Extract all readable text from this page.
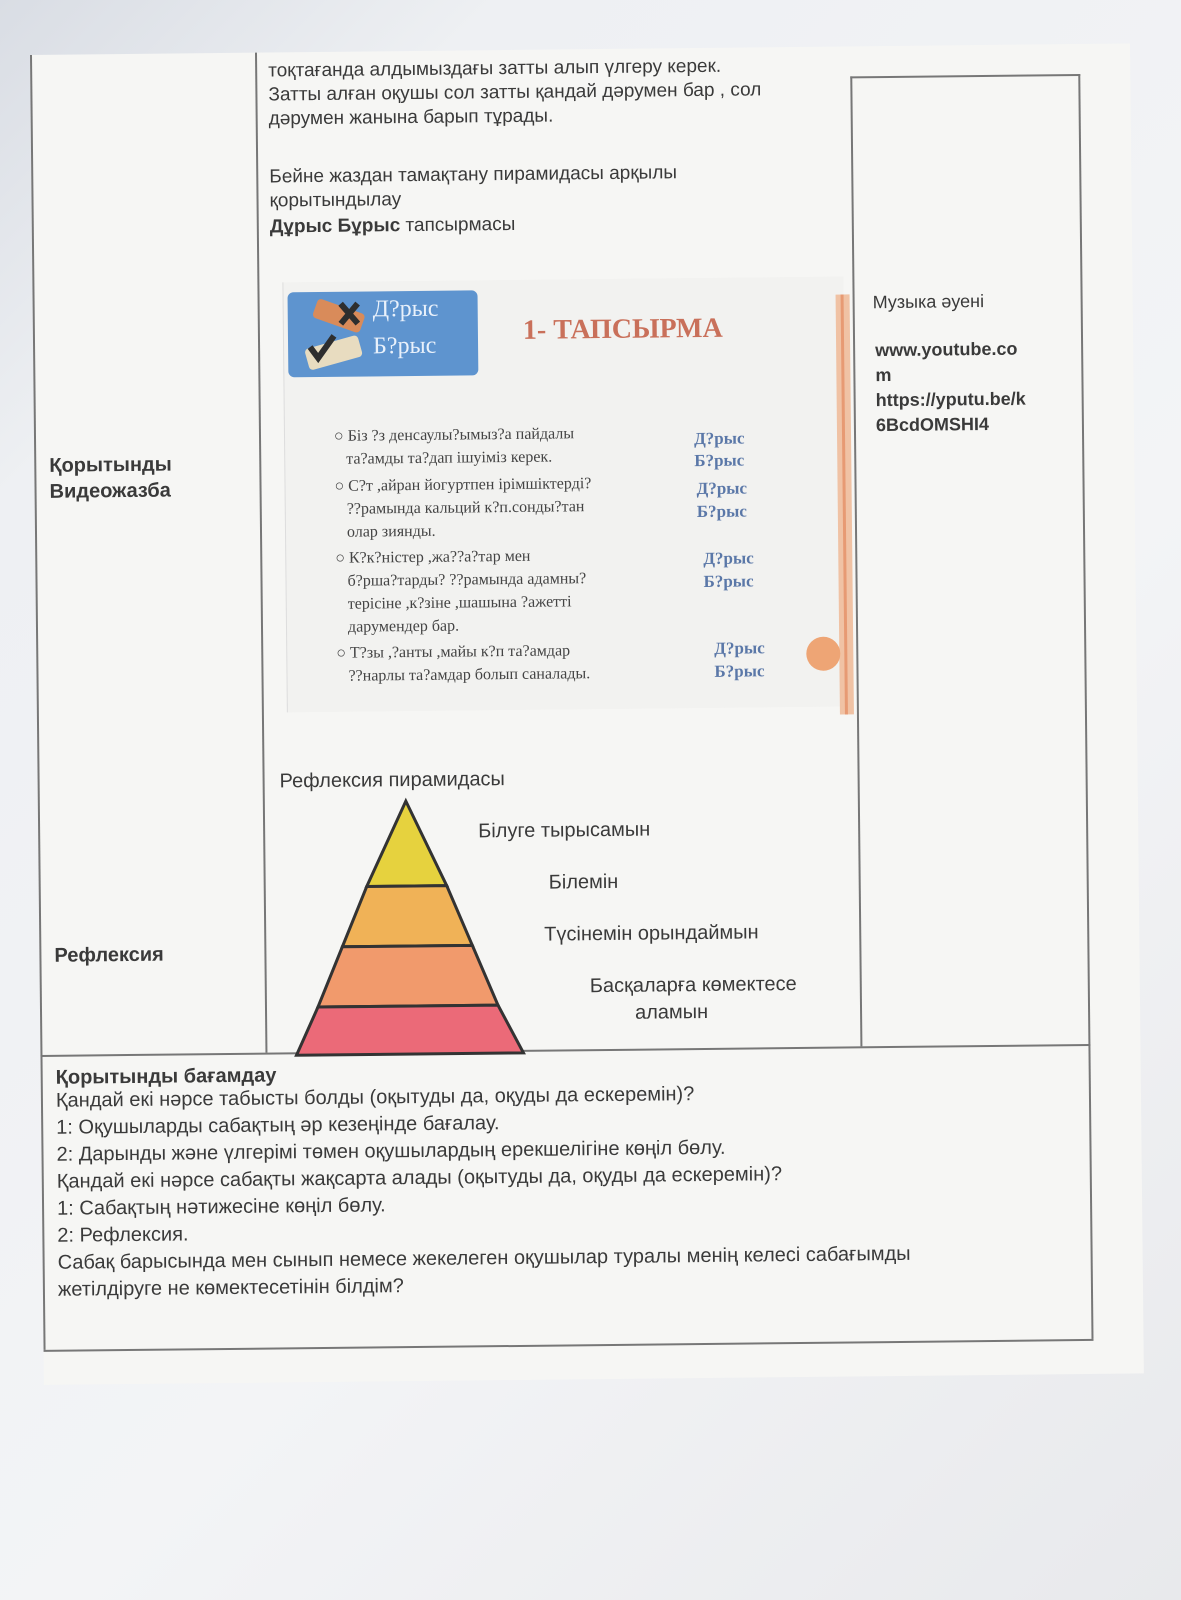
тоқтағанда алдымыздағы затты алып үлгеру керек.
Затты алған оқушы сол затты қандай дәрумен бар , сол
дәрумен жанына барып тұрады.
Бейне жаздан тамақтану пирамидасы арқылы
қорытындылау
Дұрыс Бұрыс тапсырмасы
Қорытынды
Видеожазба
Рефлексия
Д?рыс
Б?рыс
1- ТАПСЫРМА
○ Біз ?з денсаулы?ымыз?а пайдалы
та?амды та?дап ішуіміз керек.
Д?рыс
Б?рыс
○ С?т ,айран йогуртпен ірімшіктерді?
??рамында кальций к?п.сонды?тан
олар зиянды.
Д?рыс
Б?рыс
○ К?к?ністер ,жа??а?тар мен
б?рша?тарды? ??рамында адамны?
терісіне ,к?зіне ,шашына ?ажетті
дарумендер бар.
Д?рыс
Б?рыс
○ Т?зы ,?анты ,майы к?п та?амдар
??нарлы та?амдар болып саналады.
Д?рыс
Б?рыс
Музыка әуені
www.youtube.co
m
https://yputu.be/k
6BcdOMSHI4
Рефлексия пирамидасы
Білуге тырысамын
Білемін
Түсінемін орындаймын
Басқаларға көмектесе
аламын
Қорытынды бағамдау
Қандай екі нәрсе табысты болды (оқытуды да, оқуды да ескеремін)?
1: Оқушыларды сабақтың әр кезеңінде бағалау.
2: Дарынды және үлгерімі төмен оқушылардың ерекшелігіне көңіл бөлу.
Қандай екі нәрсе сабақты жақсарта алады (оқытуды да, оқуды да ескеремін)?
1: Сабақтың нәтижесіне көңіл бөлу.
2: Рефлексия.
Сабақ барысында мен сынып немесе жекелеген оқушылар туралы менің келесі сабағымды
жетілдіруге не көмектесетінін білдім?
